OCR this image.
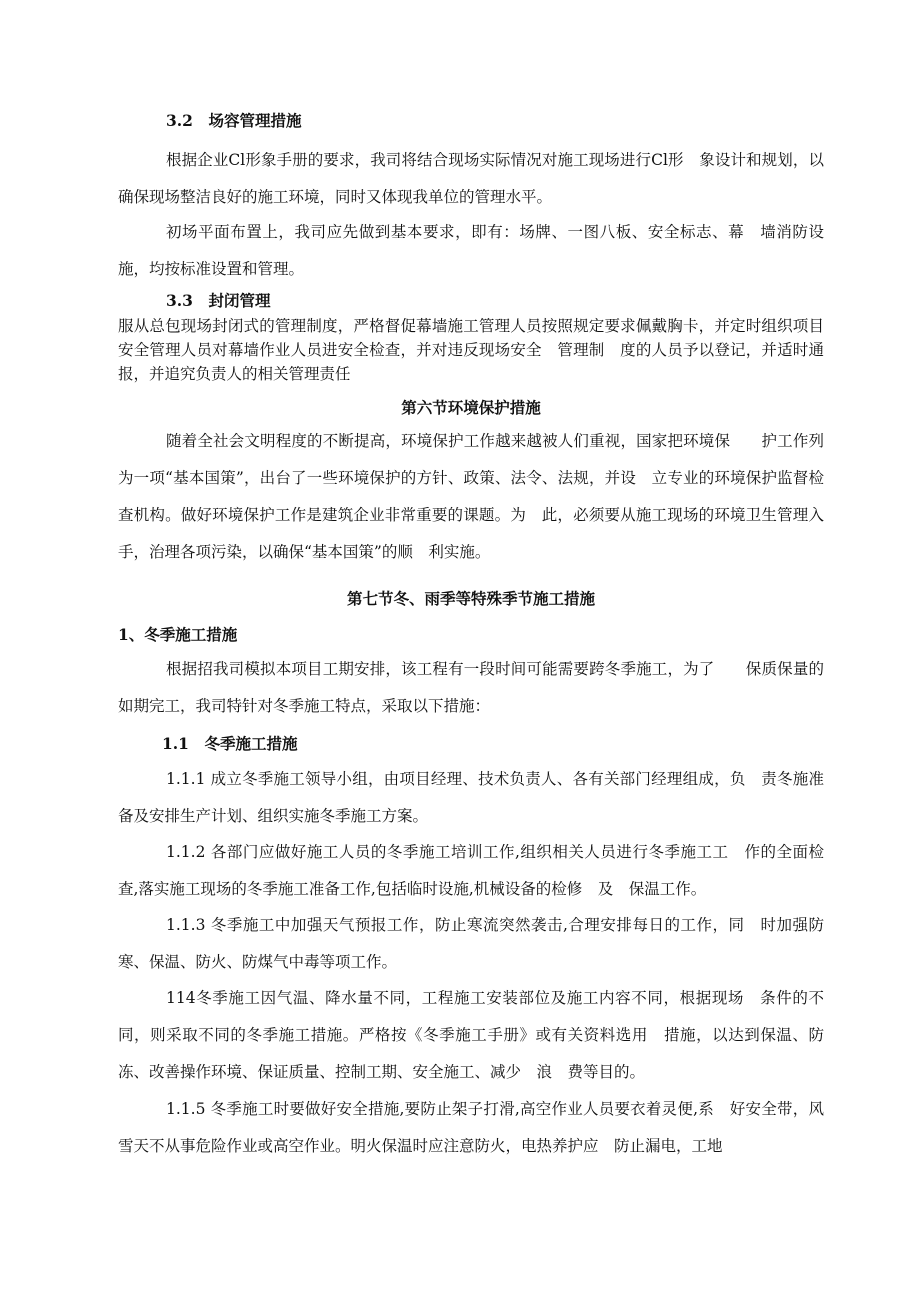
3.2　场容管理措施

根据企业Cl形象手册的要求，我司将结合现场实际情况对施工现场进行Cl形　象设计和规划，以确保现场整洁良好的施工环境，同时又体现我单位的管理水平。

初场平面布置上，我司应先做到基本要求，即有：场牌、一图八板、安全标志、幕　墙消防设施，均按标准设置和管理。

3.3　封闭管理

服从总包现场封闭式的管理制度，严格督促幕墙施工管理人员按照规定要求佩戴胸卡，并定时组织项目安全管理人员对幕墙作业人员进安全检查，并对违反现场安全　管理制　度的人员予以登记，并适时通报，并追究负责人的相关管理责任

第六节环境保护措施

随着全社会文明程度的不断提高，环境保护工作越来越被人们重视，国家把环境保　　护工作列为一项“基本国策”，出台了一些环境保护的方针、政策、法令、法规，并设　立专业的环境保护监督检查机构。做好环境保护工作是建筑企业非常重要的课题。为　此，必须要从施工现场的环境卫生管理入手，治理各项污染，以确保“基本国策”的顺　利实施。

第七节冬、雨季等特殊季节施工措施
1、冬季施工措施

根据招我司模拟本项目工期安排，该工程有一段时间可能需要跨冬季施工，为了　　保质保量的如期完工，我司特针对冬季施工特点，采取以下措施：

1.1　冬季施工措施

1.1.1 成立冬季施工领导小组，由项目经理、技术负责人、各有关部门经理组成，负　责冬施准备及安排生产计划、组织实施冬季施工方案。

1.1.2 各部门应做好施工人员的冬季施工培训工作,组织相关人员进行冬季施工工　作的全面检查,落实施工现场的冬季施工准备工作,包括临时设施,机械设备的检修　及　保温工作。

1.1.3 冬季施工中加强天气预报工作，防止寒流突然袭击,合理安排每日的工作，同　时加强防寒、保温、防火、防煤气中毒等项工作。

114冬季施工因气温、降水量不同，工程施工安装部位及施工内容不同，根据现场　条件的不同，则采取不同的冬季施工措施。严格按《冬季施工手册》或有关资料选用　措施，以达到保温、防冻、改善操作环境、保证质量、控制工期、安全施工、减少　浪　费等目的。

1.1.5 冬季施工时要做好安全措施,要防止架子打滑,高空作业人员要衣着灵便,系　好安全带，风雪天不从事危险作业或高空作业。明火保温时应注意防火，电热养护应　防止漏电，工地
